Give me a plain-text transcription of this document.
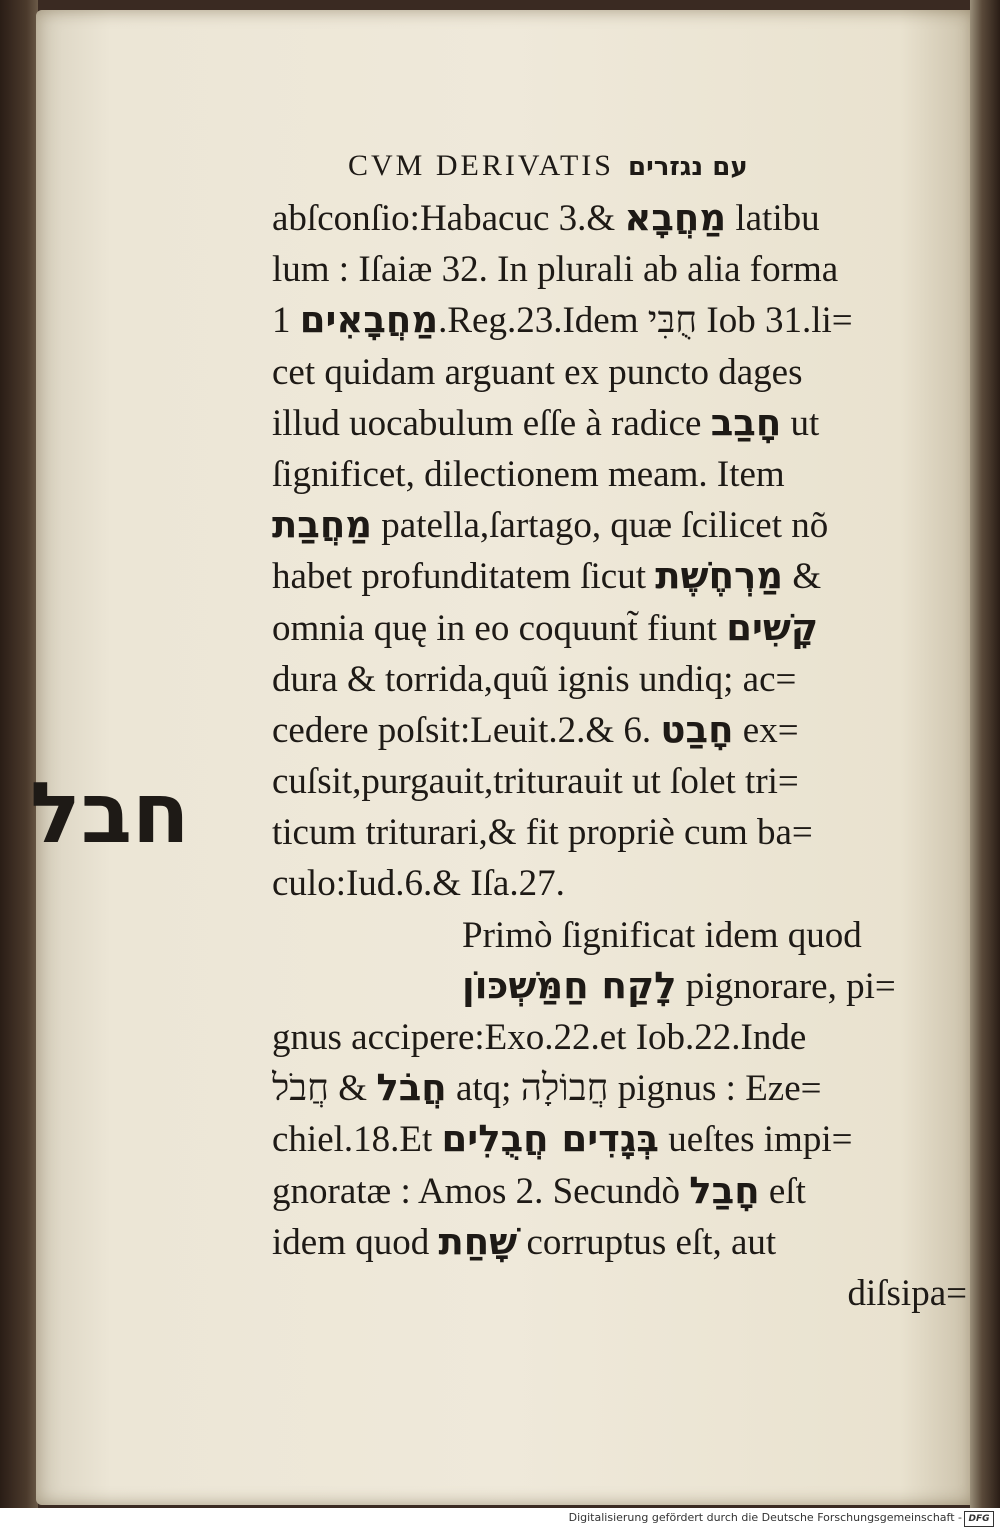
CVM DERIVATIS עם נגזרים
abſconſio:Habacuc 3.& מַחֲבָא latibu
lum : Iſaiæ 32. In plurali ab alia forma
מַחֲבָאִים 1.Reg.23.Idem חֻבִּי Iob 31.li=
cet quidam arguant ex puncto dages
illud uocabulum eſſe à radice חָבַב ut
ſignificet, dilectionem meam. Item
מַחֲבַת patella,ſartago, quæ ſcilicet nõ
habet profunditatem ſicut מַרְחֶשֶׁת &
omnia quę in eo coquunt̃ fiunt קָשִׁים
dura & torrida,quũ ignis undiq; ac=
cedere poſsit:Leuit.2.& 6. חָבַט ex=
cuſsit,purgauit,triturauit ut ſolet tri=
ticum triturari,& fit propriè cum ba=
culo:Iud.6.& Iſa.27.
Primò ſignificat idem quod
לָקַח חַמַּשְׁכּוֹן pignorare, pi=
gnus accipere:Exo.22.et Iob.22.Inde
חֲבֹל & חֲבֹל atq; חֲבוֹלָה pignus : Eze=
chiel.18.Et בְּגָדִים חֲבֻלִים ueſtes impi=
gnoratæ : Amos 2. Secundò חָבַל eſt
idem quod שָׁחַת corruptus eſt, aut
diſsipa=
חבל
Digitalisierung gefördert durch die Deutsche Forschungsgemeinschaft - DFG
